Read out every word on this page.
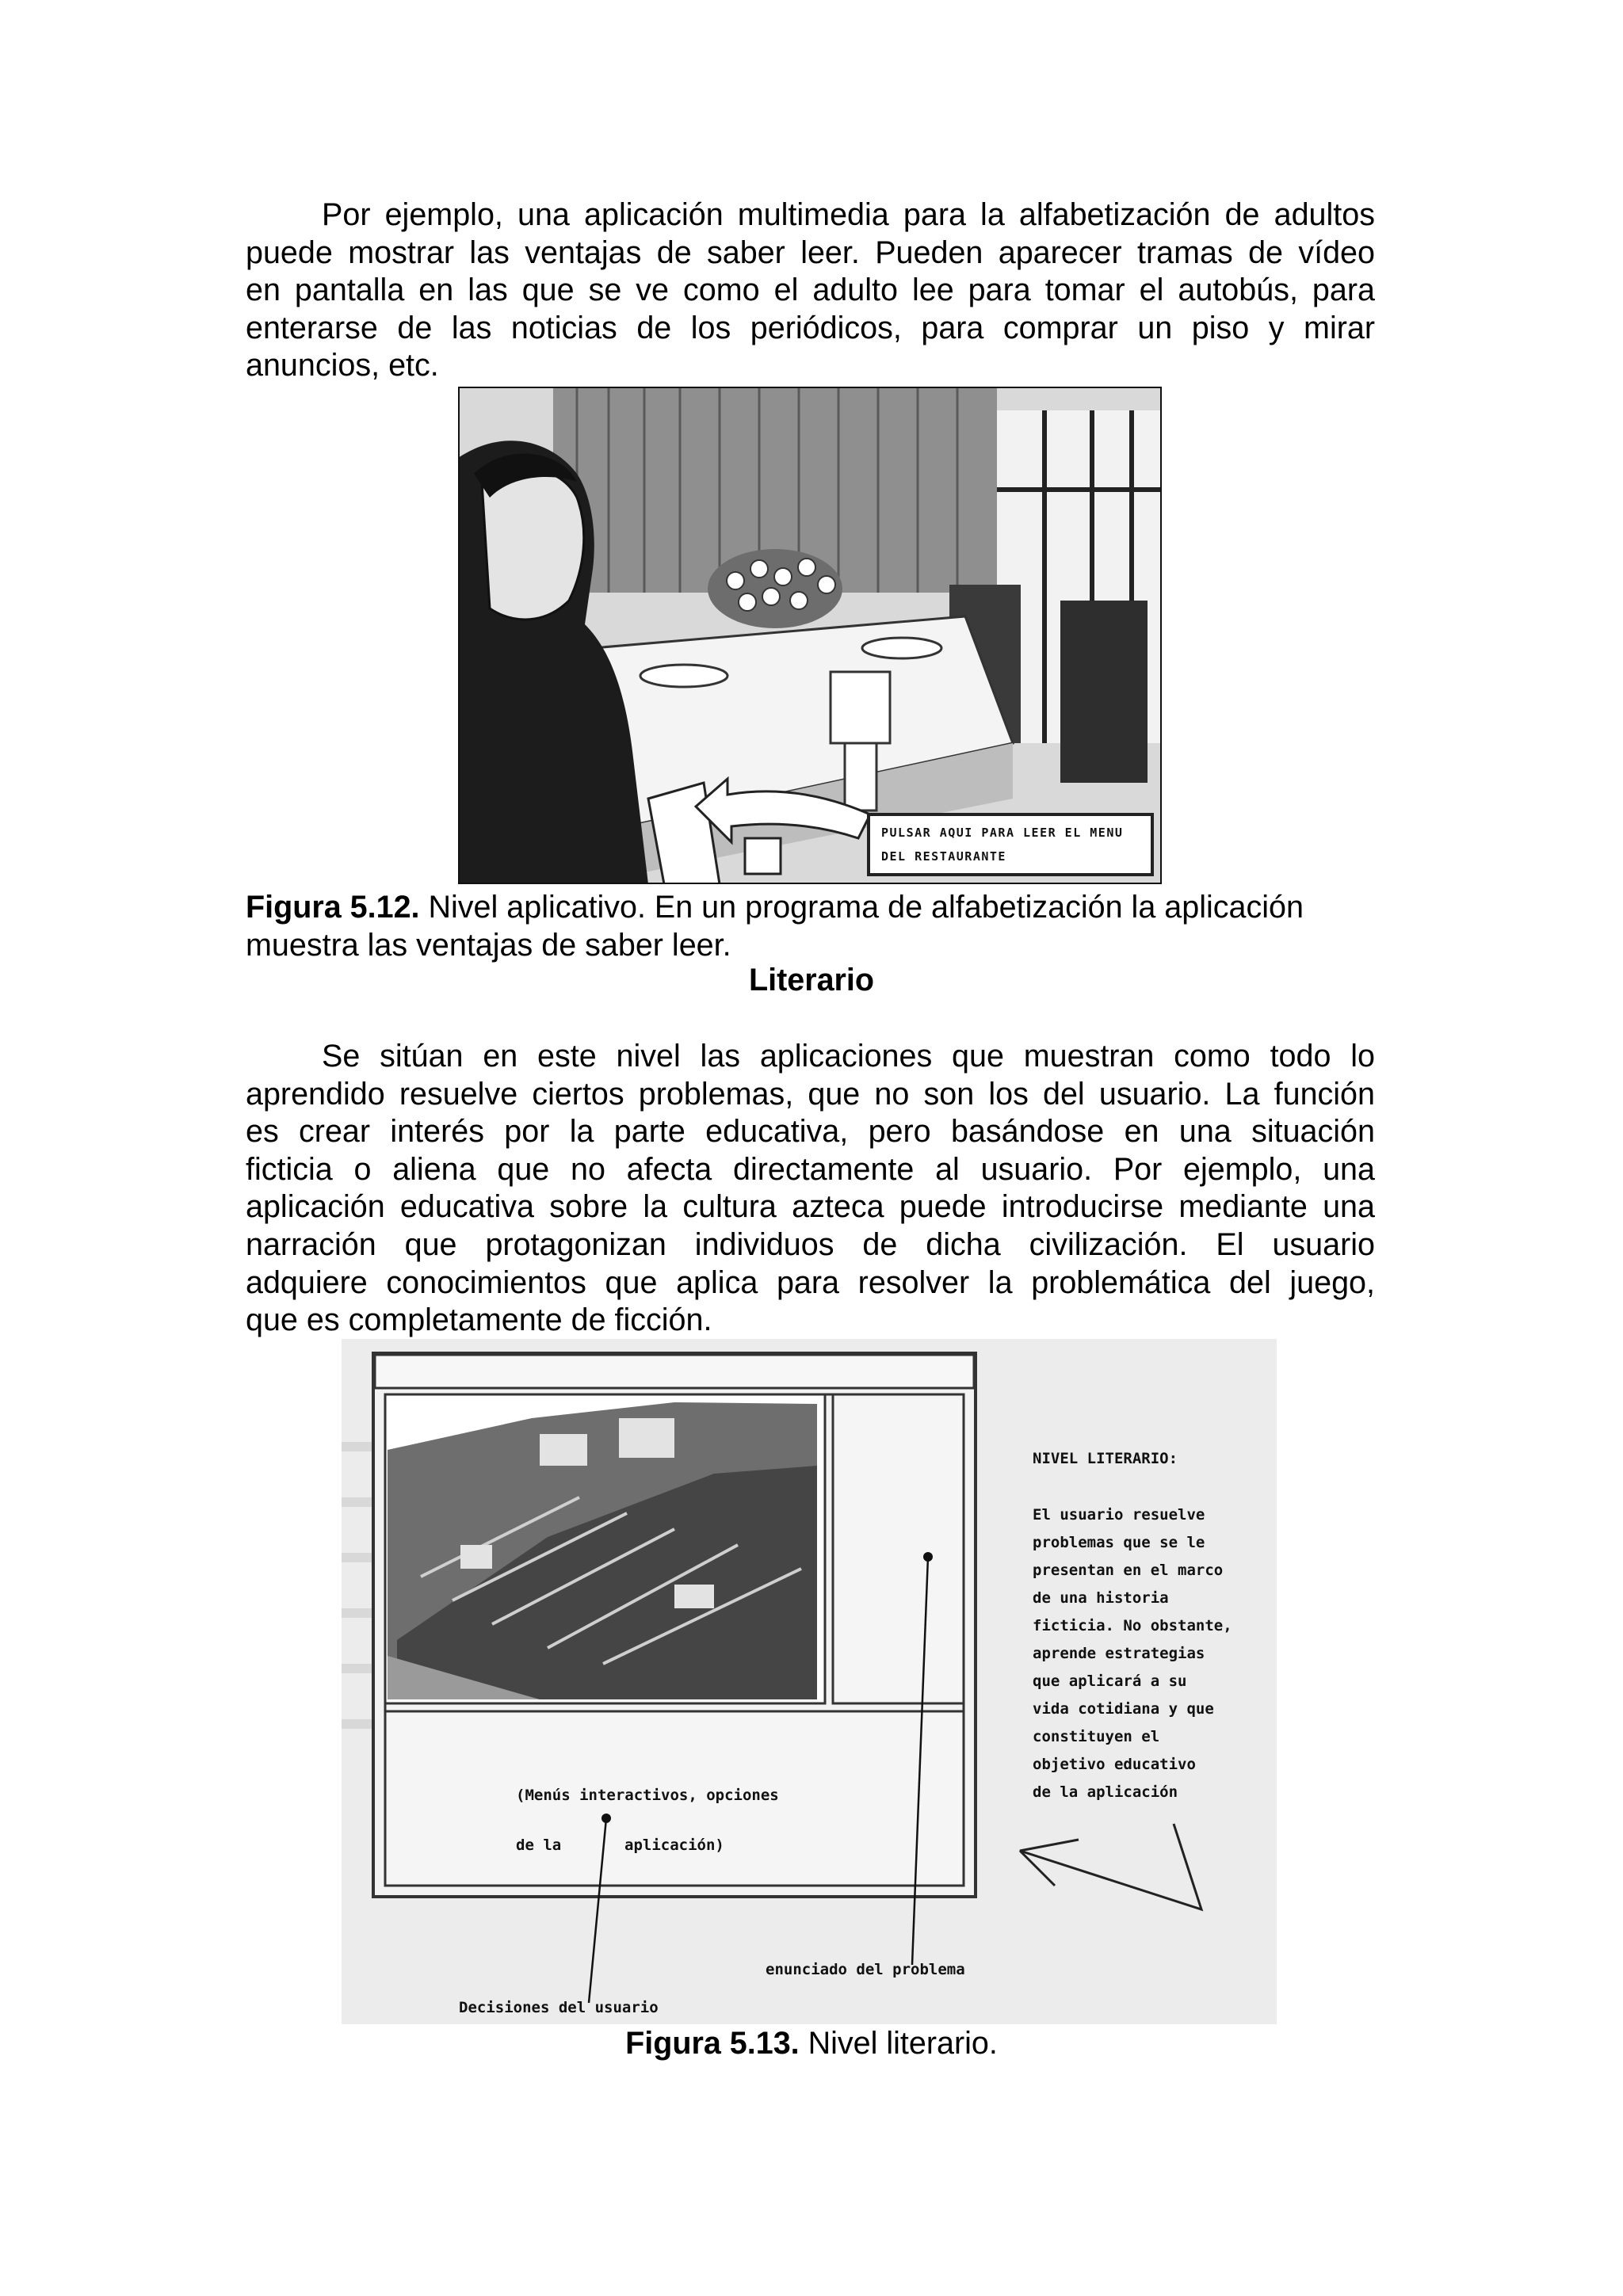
Por ejemplo, una aplicación multimedia para la alfabetización de adultos
puede mostrar las ventajas de saber leer. Pueden aparecer tramas de vídeo
en pantalla en las que se ve como el adulto lee para tomar el autobús, para
enterarse de las noticias de los periódicos, para comprar un piso y mirar
anuncios, etc.
PULSAR AQUI PARA LEER EL MENU
DEL RESTAURANTE

Figura 5.12. Nivel aplicativo. En un programa de alfabetización la aplicación
muestra las ventajas de saber leer.

Literario
Se sitúan en este nivel las aplicaciones que muestran como todo lo
aprendido resuelve ciertos problemas, que no son los del usuario. La función
es crear interés por la parte educativa, pero basándose en una situación
ficticia o aliena que no afecta directamente al usuario. Por ejemplo, una
aplicación educativa sobre la cultura azteca puede introducirse mediante una
narración que protagonizan individuos de dicha civilización. El usuario
adquiere conocimientos que aplica para resolver la problemática del juego,
que es completamente de ficción.
NIVEL LITERARIO:
El usuario resuelve
problemas que se le
presentan en el marco
de una historia
ficticia. No obstante,
aprende estrategias
que aplicará a su
vida cotidiana y que
constituyen el
objetivo educativo
de la aplicación
(Menús interactivos, opciones
de la	aplicación)
Decisiones del usuario
enunciado del problema

Figura 5.13. Nivel literario.
